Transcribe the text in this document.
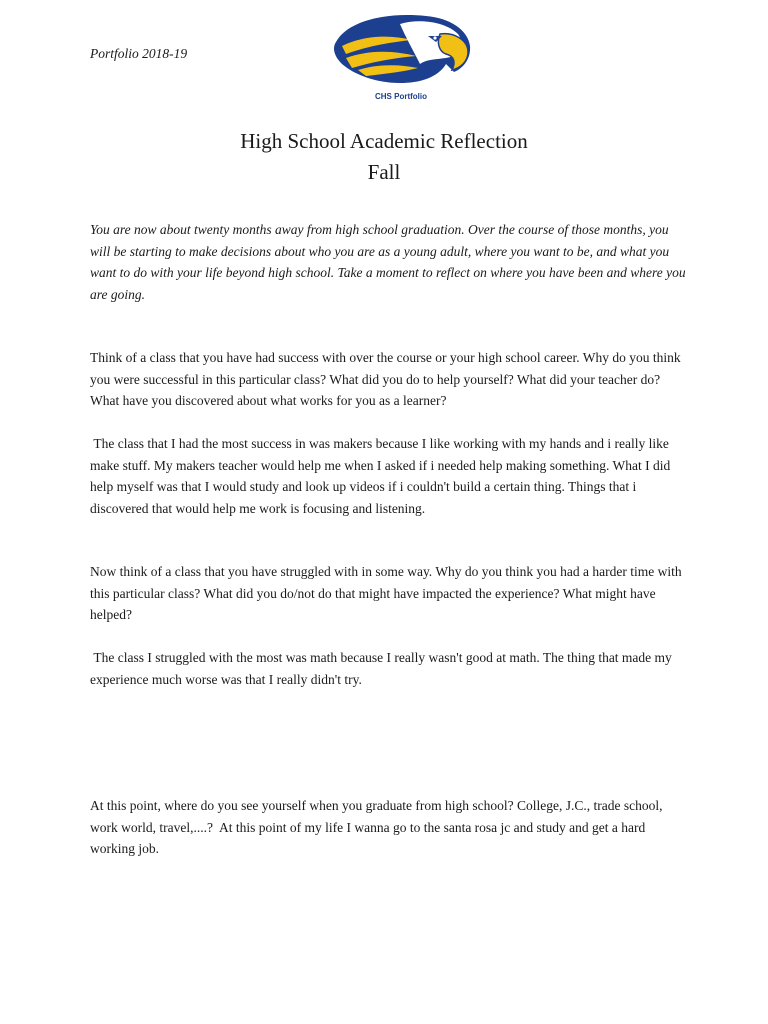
Portfolio 2018-19
CHS Portfolio
High School Academic Reflection
Fall

You are now about twenty months away from high school graduation. Over the course of those months, you will be starting to make decisions about who you are as a young adult, where you want to be, and what you want to do with your life beyond high school. Take a moment to reflect on where you have been and where you are going.

Think of a class that you have had success with over the course or your high school career. Why do you think you were successful in this particular class? What did you do to help yourself? What did your teacher do? What have you discovered about what works for you as a learner?

The class that I had the most success in was makers because I like working with my hands and i really like make stuff. My makers teacher would help me when I asked if i needed help making something. What I did help myself was that I would study and look up videos if i couldn't build a certain thing. Things that i discovered that would help me work is focusing and listening.

Now think of a class that you have struggled with in some way. Why do you think you had a harder time with this particular class? What did you do/not do that might have impacted the experience? What might have helped?

The class I struggled with the most was math because I really wasn't good at math. The thing that made my experience much worse was that I really didn't try.

At this point, where do you see yourself when you graduate from high school? College, J.C., trade school, work world, travel,....? At this point of my life I wanna go to the santa rosa jc and study and get a hard working job.
